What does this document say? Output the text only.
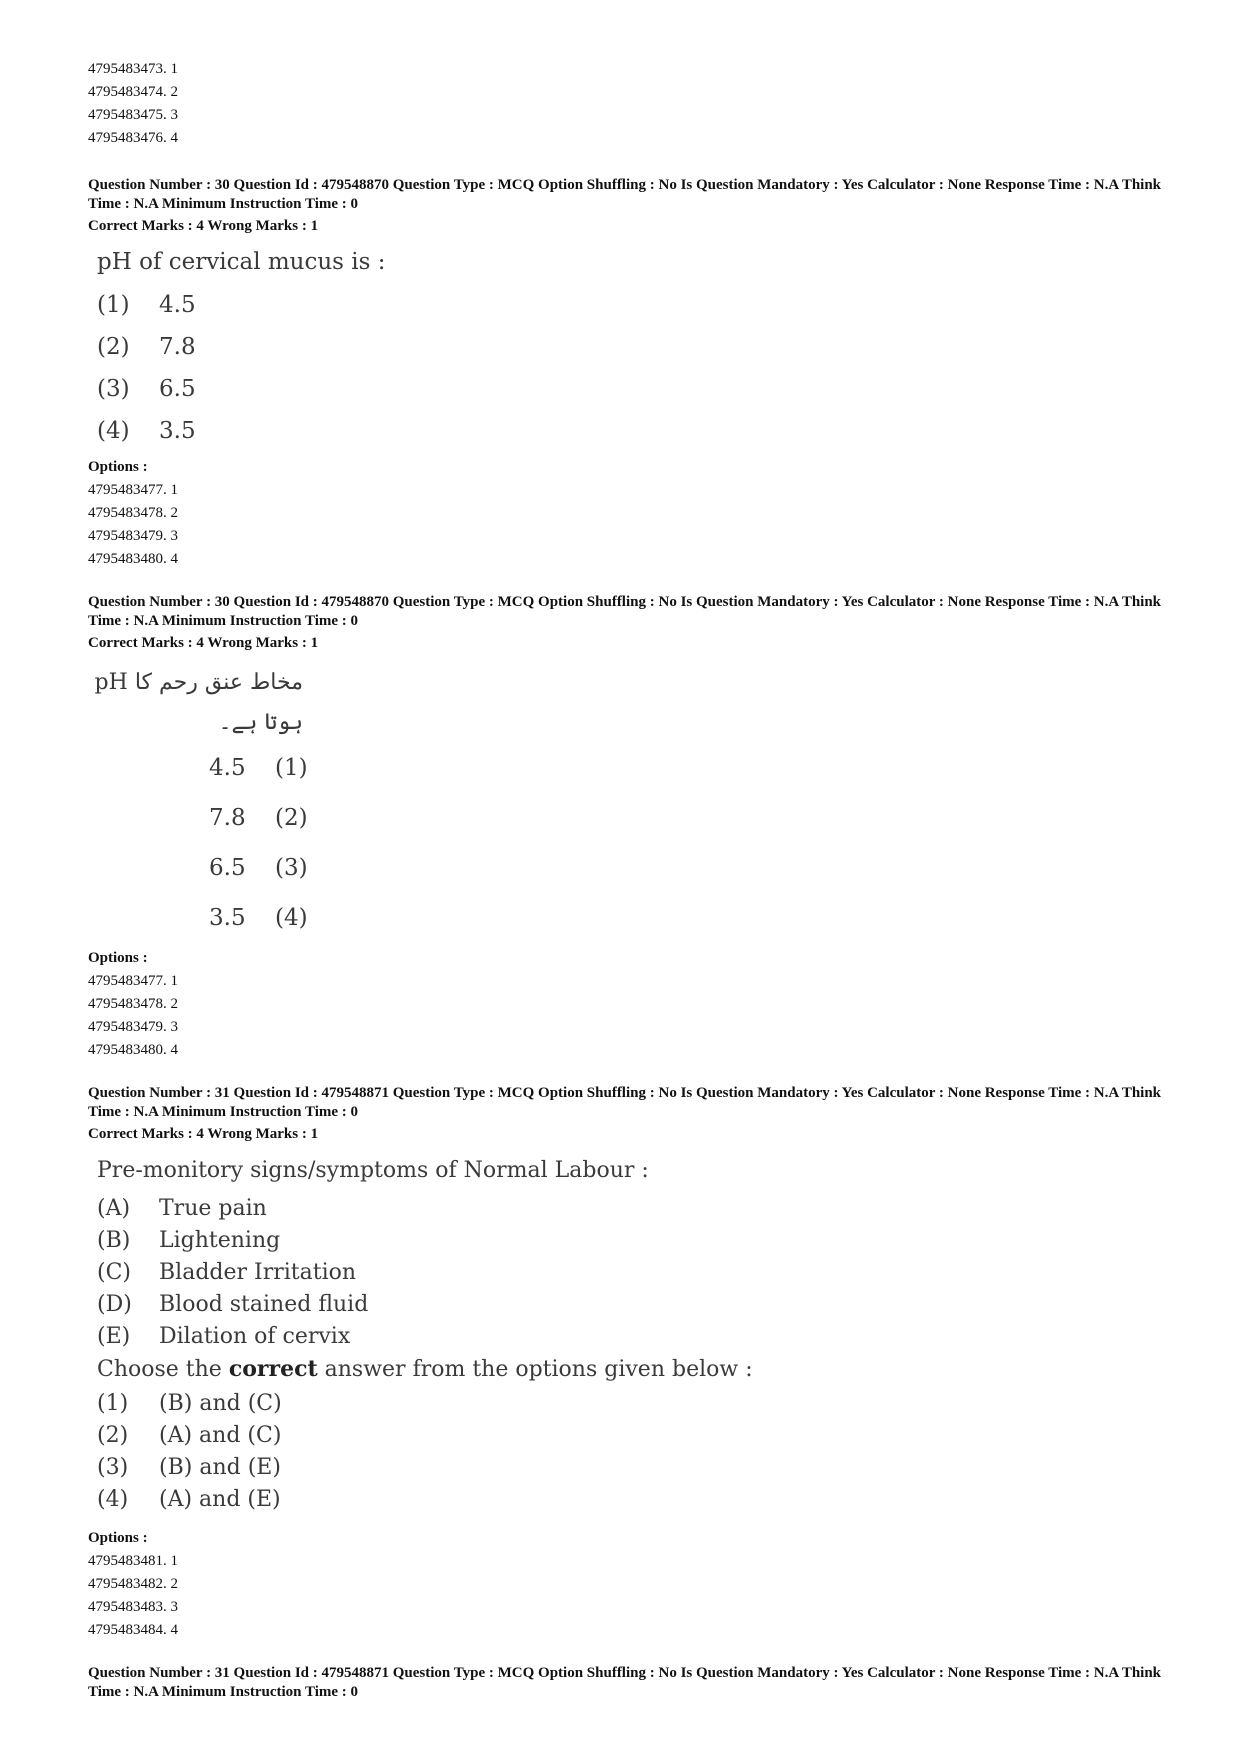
4795483473. 1
4795483474. 2
4795483475. 3
4795483476. 4
Question Number : 30 Question Id : 479548870 Question Type : MCQ Option Shuffling : No Is Question Mandatory : Yes Calculator : None Response Time : N.A Think Time : N.A Minimum Instruction Time : 0
Correct Marks : 4 Wrong Marks : 1
pH of cervical mucus is :
(1)	4.5
(2)	7.8
(3)	6.5
(4)	3.5
Options :
4795483477. 1
4795483478. 2
4795483479. 3
4795483480. 4
Question Number : 30 Question Id : 479548870 Question Type : MCQ Option Shuffling : No Is Question Mandatory : Yes Calculator : None Response Time : N.A Think Time : N.A Minimum Instruction Time : 0
Correct Marks : 4 Wrong Marks : 1
مخاط عنق رحم کا pH ہوتا ہے۔
4.5	(1)
7.8	(2)
6.5	(3)
3.5	(4)
Options :
4795483477. 1
4795483478. 2
4795483479. 3
4795483480. 4
Question Number : 31 Question Id : 479548871 Question Type : MCQ Option Shuffling : No Is Question Mandatory : Yes Calculator : None Response Time : N.A Think Time : N.A Minimum Instruction Time : 0
Correct Marks : 4 Wrong Marks : 1
Pre-monitory signs/symptoms of Normal Labour :
(A)	True pain
(B)	Lightening
(C)	Bladder Irritation
(D)	Blood stained fluid
(E)	Dilation of cervix
Choose the correct answer from the options given below :
(1)	(B) and (C)
(2)	(A) and (C)
(3)	(B) and (E)
(4)	(A) and (E)
Options :
4795483481. 1
4795483482. 2
4795483483. 3
4795483484. 4
Question Number : 31 Question Id : 479548871 Question Type : MCQ Option Shuffling : No Is Question Mandatory : Yes Calculator : None Response Time : N.A Think Time : N.A Minimum Instruction Time : 0
